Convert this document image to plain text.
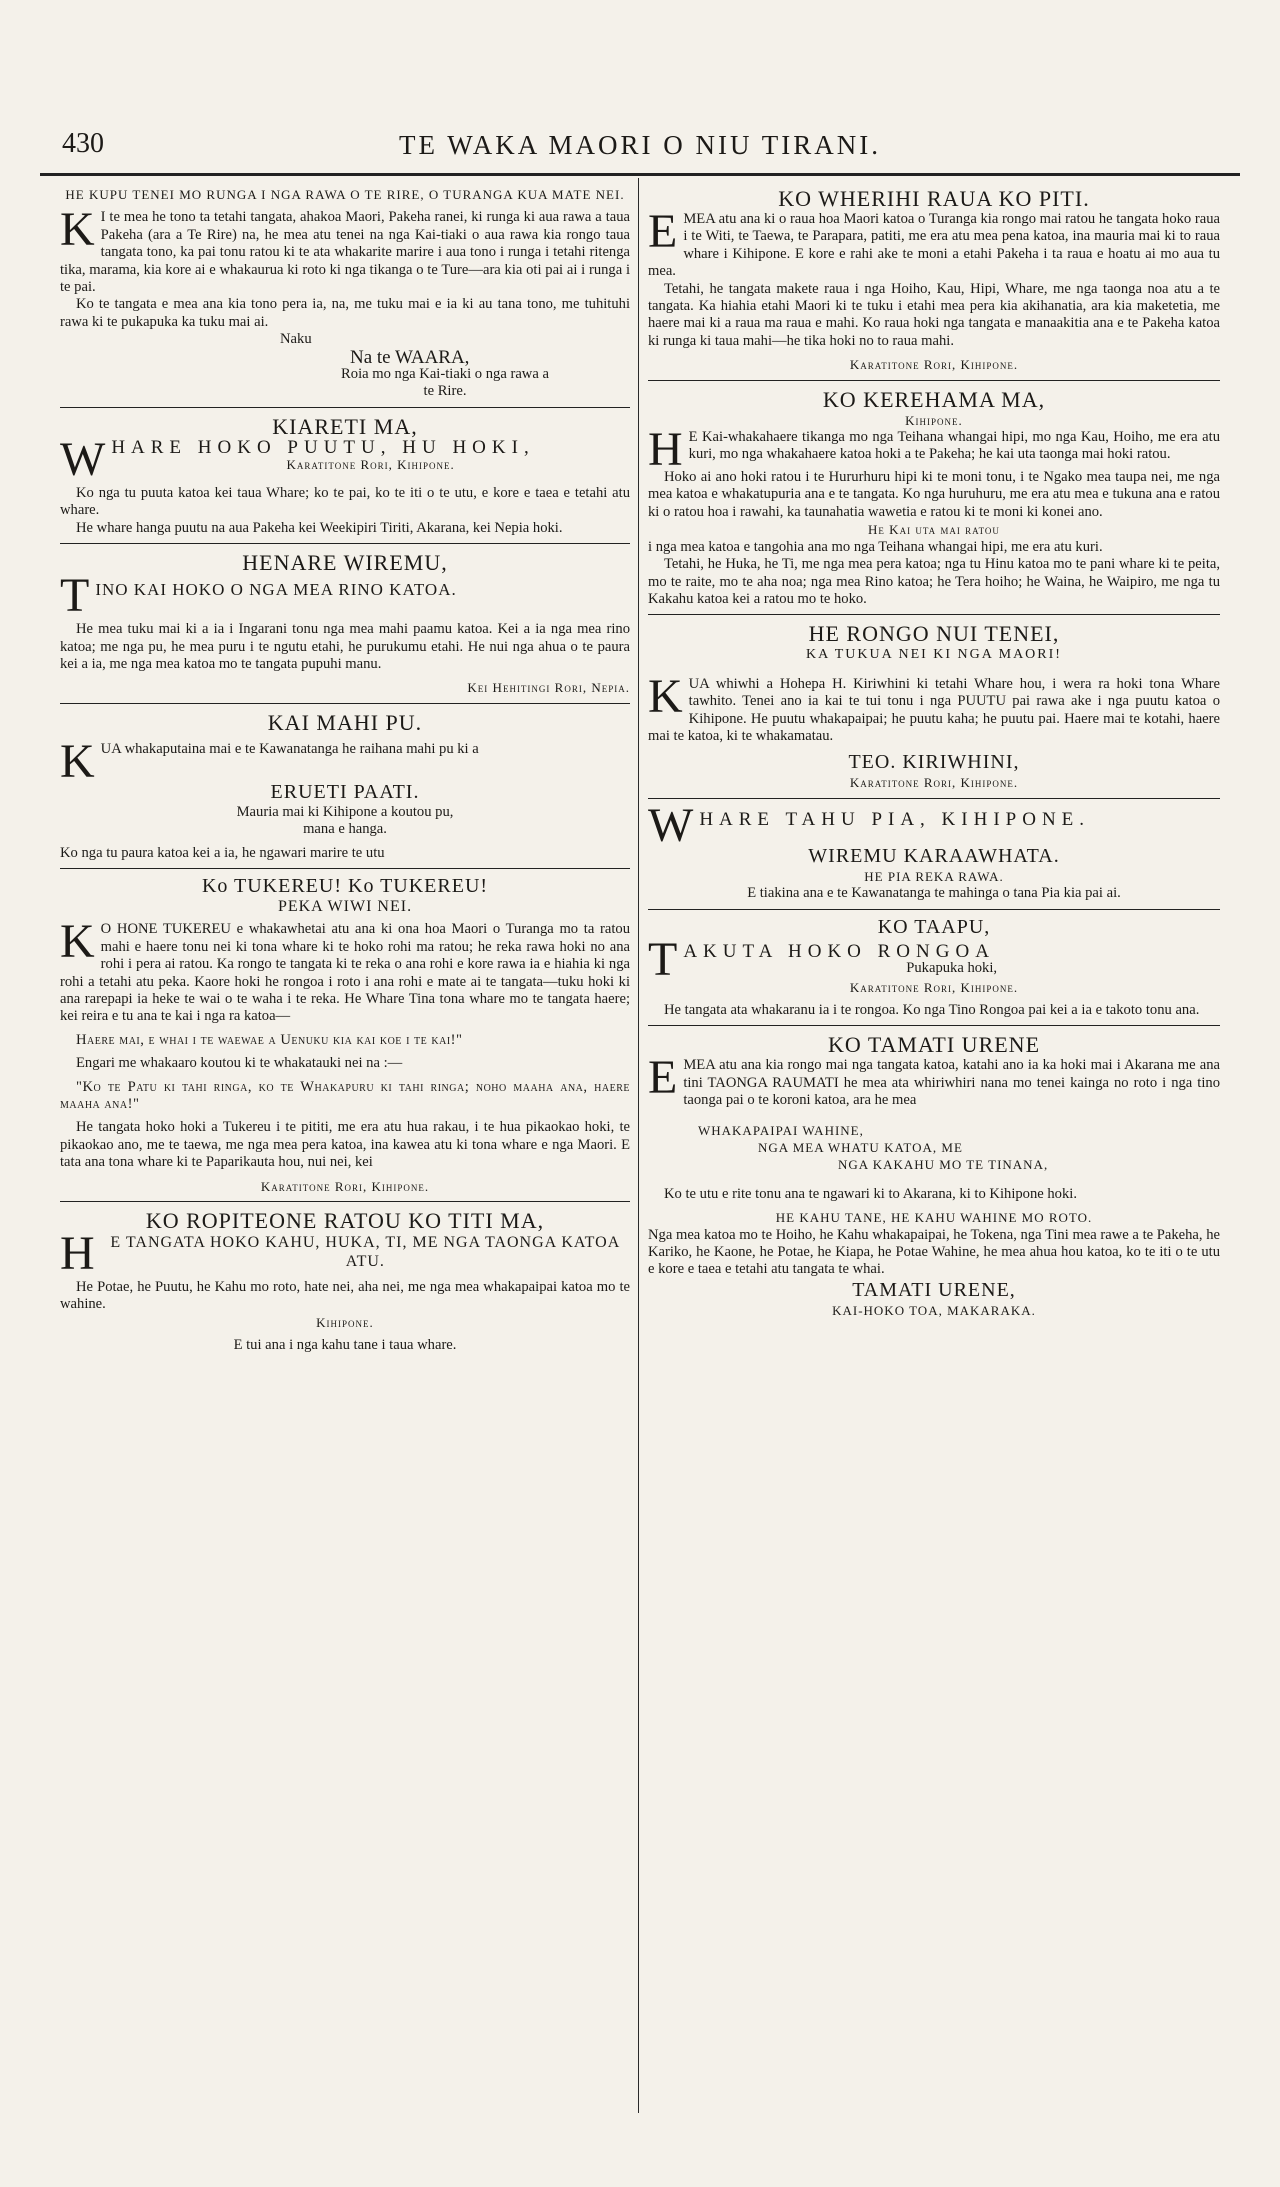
430	TE WAKA MAORI O NIU TIRANI.
HE KUPU TENEI MO RUNGA I NGA RAWA O TE RIRE, O TURANGA KUA MATE NEI.
K I te mea he tono ta tetahi tangata, ahakoa Maori, Pakeha ranei, ki runga ki aua rawa a taua Pakeha (ara a Te Rire) na, he mea atu tenei na nga Kai-tiaki o aua rawa kia rongo taua tangata tono, ka pai tonu ratou ki te ata whakarite marire i aua tono i runga i tetahi ritenga tika, marama, kia kore ai e whakaurua ki roto ki nga tikanga o te Ture—ara kia oti pai ai i runga i te pai.

Ko te tangata e mea ana kia tono pera ia, na, me tuku mai e ia ki au tana tono, me tuhituhi rawa ki te pukapuka ka tuku mai ai.

Naku
Na te WAARA,
Roia mo nga Kai-tiaki o nga rawa a te Rire.
KIARETI MA,
W HARE HOKO PUUTU, HU HOKI,
Karatitone Rori, Kihipone.

Ko nga tu puuta katoa kei taua Whare; ko te pai, ko te iti o te utu, e kore e taea e tetahi atu whare.

He whare hanga puutu na aua Pakeha kei Weekipiri Tiriti, Akarana, kei Nepia hoki.

HENARE WIREMU,
T INO KAI HOKO O NGA MEA RINO KATOA.

He mea tuku mai ki a ia i Ingarani tonu nga mea mahi paamu katoa. Kei a ia nga mea rino katoa; me nga pu, he mea puru i te ngutu etahi, he purukumu etahi. He nui nga ahua o te paura kei a ia, me nga mea katoa mo te tangata pupuhi manu.

Kei Hehitingi Rori, Nepia.
KAI MAHI PU.
K UA whakaputaina mai e te Kawanatanga he raihana mahi pu ki a

ERUETI PAATI.
Mauria mai ki Kihipone a koutou pu,
mana e hanga.

Ko nga tu paura katoa kei a ia, he ngawari marire te utu

Ko TUKEREU! Ko TUKEREU!
PEKA WIWI NEI.
K O HONE TUKEREU e whakawhetai atu ana ki ona hoa Maori o Turanga mo ta ratou mahi e haere tonu nei ki tona whare ki te hoko rohi ma ratou; he reka rawa hoki no ana rohi i pera ai ratou. Ka rongo te tangata ki te reka o ana rohi e kore rawa ia e hiahia ki nga rohi a tetahi atu peka. Kaore hoki he rongoa i roto i ana rohi e mate ai te tangata—tuku hoki ki ana rarepapi ia heke te wai o te waha i te reka. He Whare Tina tona whare mo te tangata haere; kei reira e tu ana te kai i nga ra katoa—

Haere mai, e whai i te waewae a Uenuku kia kai koe i te kai!"

Engari me whakaaro koutou ki te whakatauki nei na :—

"Ko te Patu ki tahi ringa, ko te Whakapuru ki tahi ringa; noho maaha ana, haere maaha ana!"

He tangata hoko hoki a Tukereu i te pititi, me era atu hua rakau, i te hua pikaokao hoki, te pikaokao ano, me te taewa, me nga mea pera katoa, ina kawea atu ki tona whare e nga Maori. E tata ana tona whare ki te Paparikauta hou, nui nei, kei

Karatitone Rori, Kihipone.
KO ROPITEONE RATOU KO TITI MA,
H E TANGATA HOKO KAHU, HUKA, TI, ME NGA TAONGA KATOA ATU.

He Potae, he Puutu, he Kahu mo roto, hate nei, aha nei, me nga mea whakapaipai katoa mo te wahine.

Kihipone.
E tui ana i nga kahu tane i taua whare.
KO WHERIHI RAUA KO PITI.
E MEA atu ana ki o raua hoa Maori katoa o Turanga kia rongo mai ratou he tangata hoko raua i te Witi, te Taewa, te Parapara, patiti, me era atu mea pena katoa, ina mauria mai ki to raua whare i Kihipone. E kore e rahi ake te moni a etahi Pakeha i ta raua e hoatu ai mo aua tu mea.

Tetahi, he tangata makete raua i nga Hoiho, Kau, Hipi, Whare, me nga taonga noa atu a te tangata. Ka hiahia etahi Maori ki te tuku i etahi mea pera kia akihanatia, ara kia maketetia, me haere mai ki a raua ma raua e mahi. Ko raua hoki nga tangata e manaakitia ana e te Pakeha katoa ki runga ki taua mahi—he tika hoki no to raua mahi.

Karatitone Rori, Kihipone.
KO KEREHAMA MA,
Kihipone.
H E Kai-whakahaere tikanga mo nga Teihana whangai hipi, mo nga Kau, Hoiho, me era atu kuri, mo nga whakahaere katoa hoki a te Pakeha; he kai uta taonga mai hoki ratou.

Hoko ai ano hoki ratou i te Hururhuru hipi ki te moni tonu, i te Ngako mea taupa nei, me nga mea katoa e whakatupuria ana e te tangata. Ko nga huruhuru, me era atu mea e tukuna ana e ratou ki o ratou hoa i rawahi, ka taunahatia wawetia e ratou ki te moni ki konei ano.

He Kai uta mai ratou

i nga mea katoa e tangohia ana mo nga Teihana whangai hipi, me era atu kuri.

Tetahi, he Huka, he Ti, me nga mea pera katoa; nga tu Hinu katoa mo te pani whare ki te peita, mo te raite, mo te aha noa; nga mea Rino katoa; he Tera hoiho; he Waina, he Waipiro, me nga tu Kakahu katoa kei a ratou mo te hoko.

HE RONGO NUI TENEI,
KA TUKUA NEI KI NGA MAORI!
K UA whiwhi a Hohepa H. Kiriwhini ki tetahi Whare hou, i wera ra hoki tona Whare tawhito. Tenei ano ia kai te tui tonu i nga PUUTU pai rawa ake i nga puutu katoa o Kihipone. He puutu whakapaipai; he puutu kaha; he puutu pai. Haere mai te kotahi, haere mai te katoa, ki te whakamatau.

TEO. KIRIWHINI,
Karatitone Rori, Kihipone.
W HARE TAHU PIA, KIHIPONE.
WIREMU KARAAWHATA.
HE PIA REKA RAWA.
E tiakina ana e te Kawanatanga te mahinga o tana Pia kia pai ai.
KO TAAPU,
T AKUTA HOKO RONGOA
Pukapuka hoki,
Karatitone Rori, Kihipone.

He tangata ata whakaranu ia i te rongoa. Ko nga Tino Rongoa pai kei a ia e takoto tonu ana.

KO TAMATI URENE
E MEA atu ana kia rongo mai nga tangata katoa, katahi ano ia ka hoki mai i Akarana me ana tini TAONGA RAUMATI he mea ata whiriwhiri nana mo tenei kainga no roto i nga tino taonga pai o te koroni katoa, ara he mea

WHAKAPAIPAI WAHINE,
NGA MEA WHATU KATOA, ME
NGA KAKAHU MO TE TINANA,

Ko te utu e rite tonu ana te ngawari ki to Akarana, ki to Kihipone hoki.

HE KAHU TANE, HE KAHU WAHINE MO ROTO.

Nga mea katoa mo te Hoiho, he Kahu whakapaipai, he Tokena, nga Tini mea rawe a te Pakeha, he Kariko, he Kaone, he Potae, he Kiapa, he Potae Wahine, he mea ahua hou katoa, ko te iti o te utu e kore e taea e tetahi atu tangata te whai.

TAMATI URENE,
KAI-HOKO TOA, MAKARAKA.
